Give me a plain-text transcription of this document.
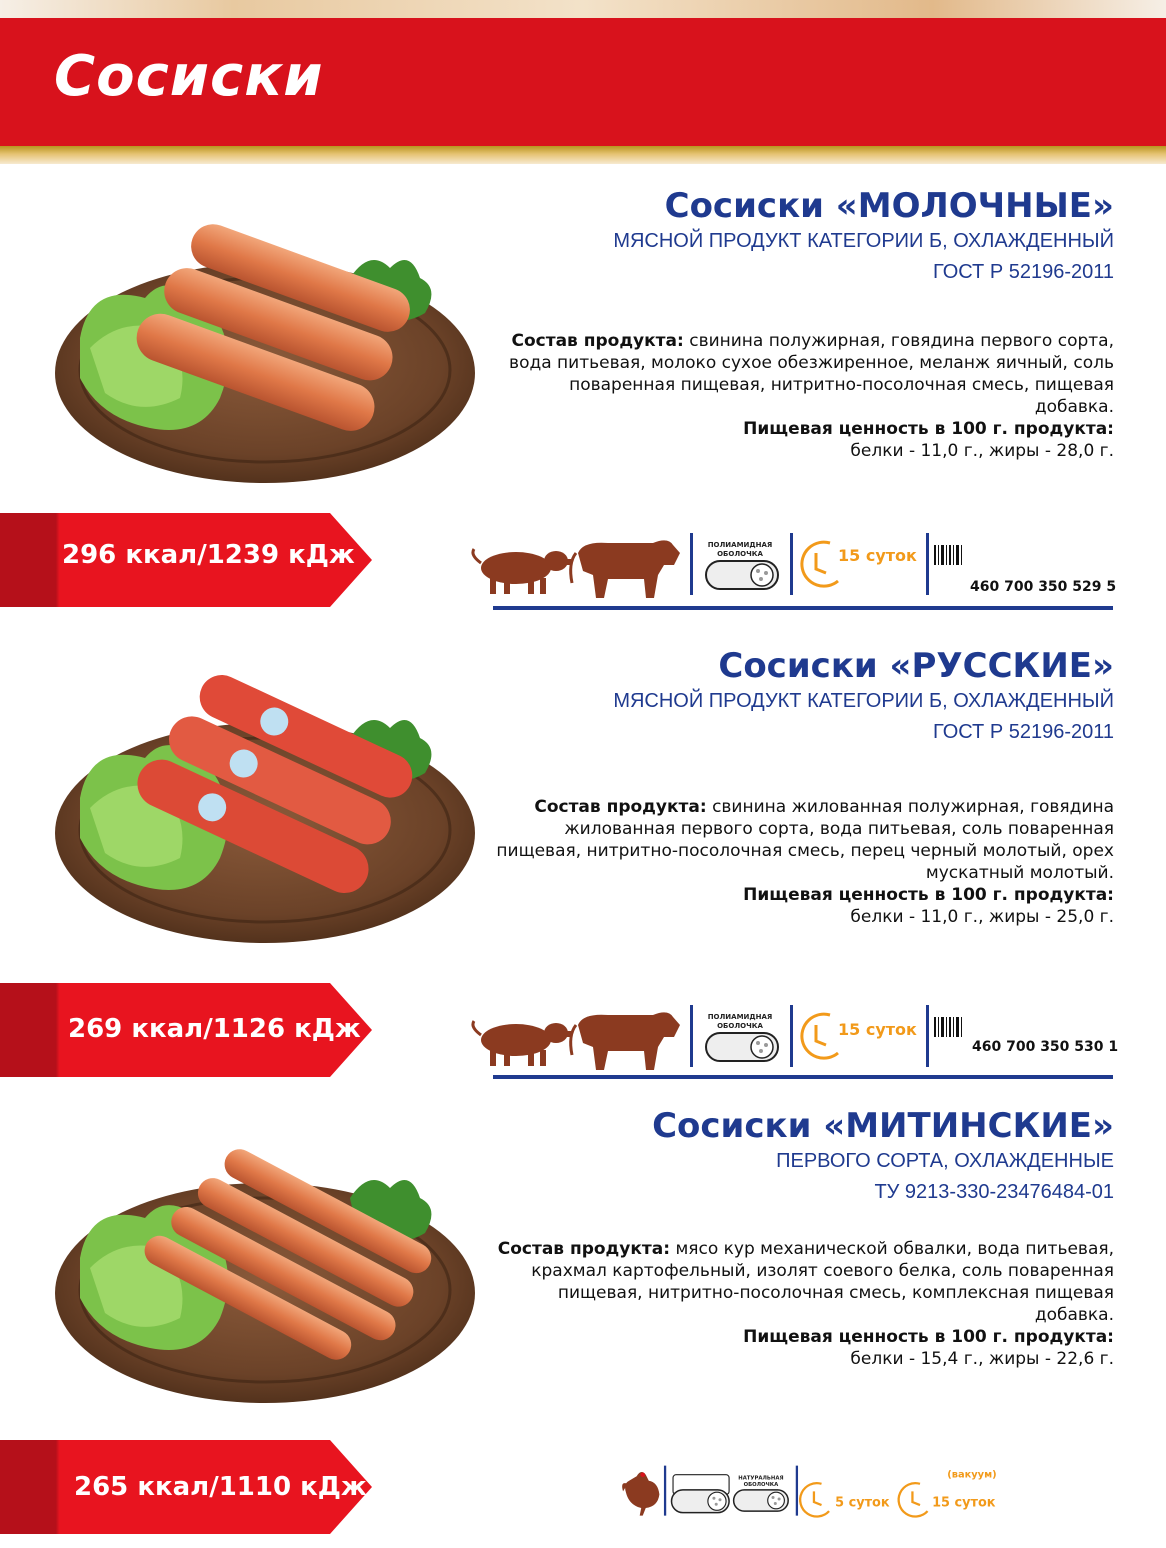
Сосиски
Сосиски «МОЛОЧНЫЕ»
МЯСНОЙ ПРОДУКТ КАТЕГОРИИ Б, ОХЛАЖДЕННЫЙ
ГОСТ Р 52196-2011
Состав продукта: свинина полужирная, говядина первого сорта, вода питьевая, молоко сухое обезжиренное, меланж яичный, соль поваренная пищевая, нитритно-посолочная смесь, пищевая добавка.
Пищевая ценность в 100 г. продукта:
белки - 11,0 г., жиры - 28,0 г.
296 ккал/1239 кДж	ПОЛИАМИДНАЯ
ОБОЛОЧКА	15 суток
460 700 350 529 5
Сосиски «РУССКИЕ»
МЯСНОЙ ПРОДУКТ КАТЕГОРИИ Б, ОХЛАЖДЕННЫЙ
ГОСТ Р 52196-2011
Состав продукта: свинина жилованная полужирная, говядина жилованная первого сорта, вода питьевая, соль поваренная пищевая, нитритно-посолочная смесь, перец черный молотый, орех мускатный молотый.
Пищевая ценность в 100 г. продукта:
белки - 11,0 г., жиры - 25,0 г.
269 ккал/1126 кДж	ПОЛИАМИДНАЯ
ОБОЛОЧКА	15 суток
460 700 350 530 1
Сосиски «МИТИНСКИЕ»
ПЕРВОГО СОРТА, ОХЛАЖДЕННЫЕ
ТУ 9213-330-23476484-01
Состав продукта: мясо кур механической обвалки, вода питьевая, крахмал картофельный, изолят соевого белка, соль поваренная пищевая, нитритно-посолочная смесь, комплексная пищевая добавка.
Пищевая ценность в 100 г. продукта:
белки - 15,4 г., жиры - 22,6 г.
265 ккал/1110 кДж	НАТУРАЛЬНАЯ
ОБОЛОЧКА
5 суток
(вакуум)
15 суток
